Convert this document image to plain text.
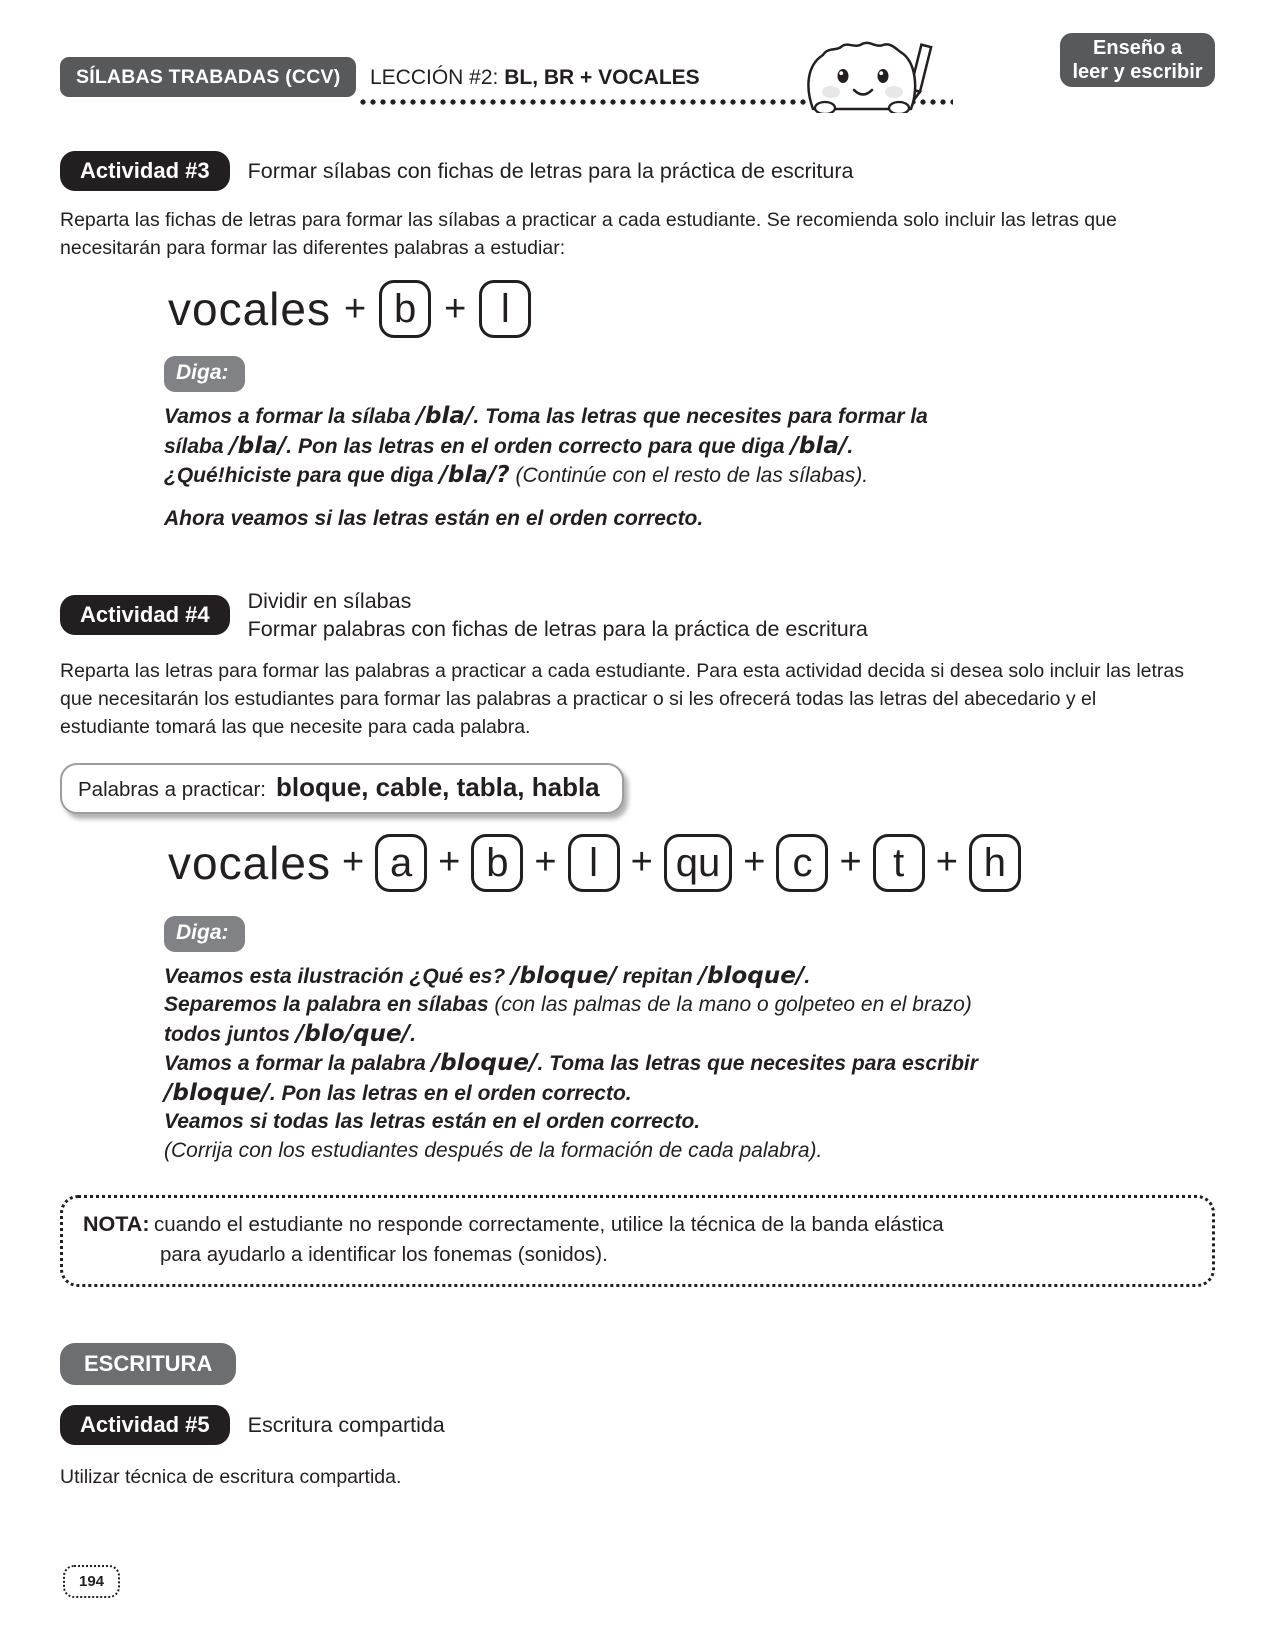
SÍLABAS TRABADAS (CCV)	LECCIÓN #2: BL, BR + VOCALES
Enseño a
leer y escribir
Actividad #3	Formar sílabas con fichas de letras para la práctica de escritura

Reparta las fichas de letras para formar las sílabas a practicar a cada estudiante. Se recomienda solo incluir las letras que necesitarán para formar las diferentes palabras a estudiar:

vocales + b + l
Diga:
Vamos a formar la sílaba /bla/. Toma las letras que necesites para formar la
sílaba /bla/. Pon las letras en el orden correcto para que diga /bla/.
¿Qué!hiciste para que diga /bla/? (Continúe con el resto de las sílabas).
Ahora veamos si las letras están en el orden correcto.
Actividad #4
Dividir en sílabas
Formar palabras con fichas de letras para la práctica de escritura

Reparta las letras para formar las palabras a practicar a cada estudiante. Para esta actividad decida si desea solo incluir las letras que necesitarán los estudiantes para formar las palabras a practicar o si les ofrecerá todas las letras del abecedario y el estudiante tomará las que necesite para cada palabra.

Palabras a practicar: bloque, cable, tabla, habla
vocales + a + b + l + qu + c + t + h
Diga:
Veamos esta ilustración ¿Qué es? /bloque/ repitan /bloque/.
Separemos la palabra en sílabas (con las palmas de la mano o golpeteo en el brazo)
todos juntos /blo/que/.
Vamos a formar la palabra /bloque/. Toma las letras que necesites para escribir
/bloque/. Pon las letras en el orden correcto.
Veamos si todas las letras están en el orden correcto.
(Corrija con los estudiantes después de la formación de cada palabra).
NOTA: cuando el estudiante no responde correctamente, utilice la técnica de la banda elástica
para ayudarlo a identificar los fonemas (sonidos).
ESCRITURA
Actividad #5	Escritura compartida

Utilizar técnica de escritura compartida.

194
